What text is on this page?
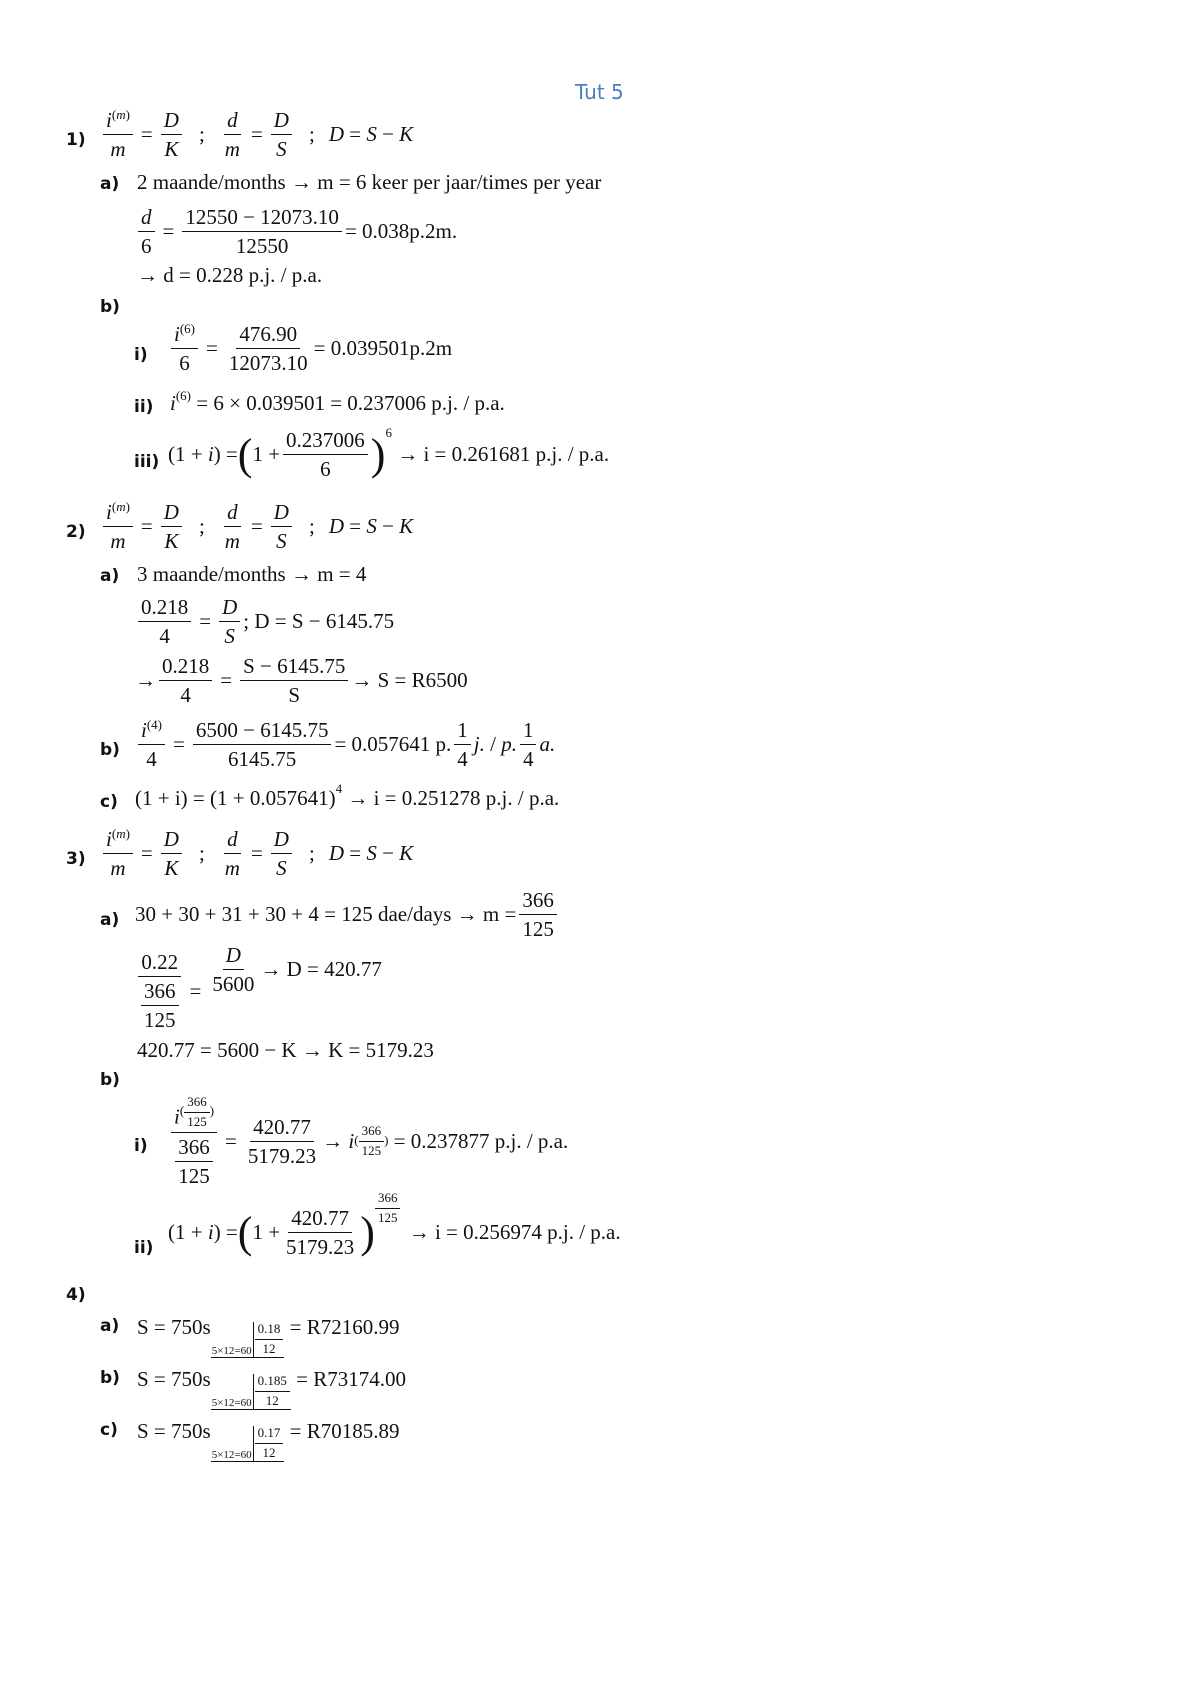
Tut 5
$1) \frac{i^{(m)}}{m} = \frac{D}{K}$ ; $\frac{d}{m} = \frac{D}{S}$ ; D = S − K
a) 2 maande/months →
m = 6 keer per jaar/times per year
$\frac{d}{6} = \frac{12550 - 12073.10}{12550} = 0.038p.2m$.
→ d = 0.228 p.j. / p.a.
b)
$i) \frac{i^{(6)}}{6} = \frac{476.90}{12073.10} = 0.039501p.2m$
ii) $i^{(6)}$
= 6 × 0.039501 = 0.237006 p.j. / p.a.
iii) (1 + i) = ( $1 + \frac{0.237006}{6} )^6$

→ i = 0.261681 p.j. / p.a.
$2) \frac{i^{(m)}}{m} = \frac{D}{K}$ ; $\frac{d}{m} = \frac{D}{S}$ ; D = S − K
a) 3 maande/months → m = 4
$\frac{0.218}{4} = \frac{D}{S}$ ; D = S − 6145.75
→ $\frac{0.218}{4} = \frac{S - 6145.75}{S} \to S = R6500$
$b) \frac{i^{(4)}}{4} = \frac{6500 - 6145.75}{6145.75} = 0.057641$ p. $\frac{1}{4} j$. / p. $\frac{1}{4} a$.
c) $(1 + i) = (1 + 0.057641)^4$
→ i = 0.251278 p.j. / p.a.
$3) \frac{i^{(m)}}{m} = \frac{D}{K}$ ; $\frac{d}{m} = \frac{D}{S}$ ; D = S − K
a) 30 + 30 + 31 + 30 + 4 = 125 dae/days → $m = \frac{366}{125}$
$\frac{0.22}{\frac{366}{125}} = \frac{D}{5600} \to D = 420.77$
420.77 = 5600 − K → K = 5179.23
b)
i) $i^{( \frac{366}{125} )}$
$\frac{366}{125} = \frac{420.77}{5179.23} \to i$ ( $\frac{366}{125}$ )
= 0.237877 p.j. / p.a.
ii)
(1 + i) = ( $1 + \frac{420.77}{5179.23}$ ) $\frac{366}{125}$

→ i = 0.256974 p.j. / p.a.
4)
a) S = 750s
$5\times 12=60 \frac{0.18}{12}$
= R72160.99
b) S = 750s
$5\times 12=60 \frac{0.185}{12}$
= R73174.00
c) S = 750s
$5\times 12=60 \frac{0.17}{12}$
= R70185.89
